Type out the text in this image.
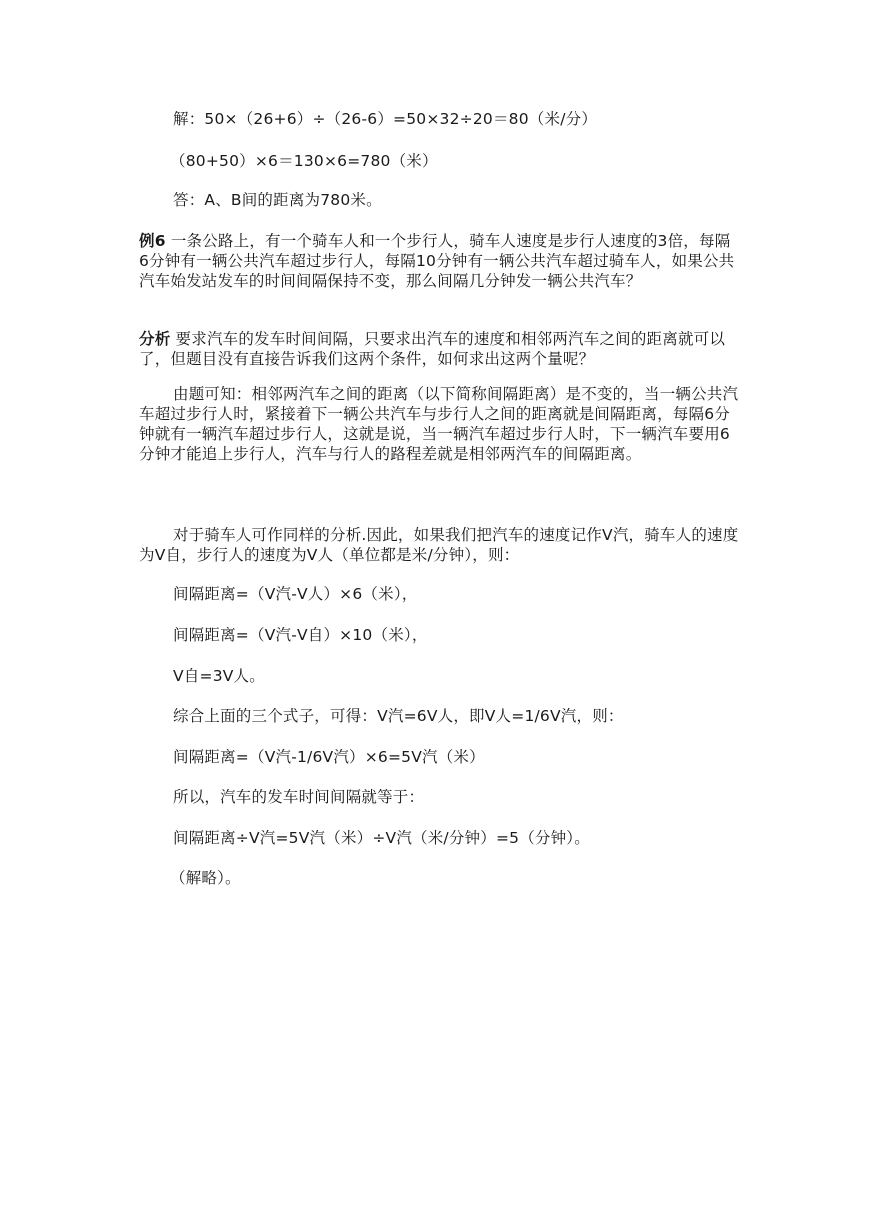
解：50×（26+6）÷（26-6）=50×32÷20＝80（米/分）
（80+50）×6＝130×6=780（米）
答：A、B间的距离为780米。
例6 一条公路上，有一个骑车人和一个步行人，骑车人速度是步行人速度的3倍，每隔6分钟有一辆公共汽车超过步行人，每隔10分钟有一辆公共汽车超过骑车人，如果公共汽车始发站发车的时间间隔保持不变，那么间隔几分钟发一辆公共汽车？
分析 要求汽车的发车时间间隔，只要求出汽车的速度和相邻两汽车之间的距离就可以了，但题目没有直接告诉我们这两个条件，如何求出这两个量呢？
由题可知：相邻两汽车之间的距离（以下简称间隔距离）是不变的，当一辆公共汽车超过步行人时，紧接着下一辆公共汽车与步行人之间的距离就是间隔距离，每隔6分钟就有一辆汽车超过步行人，这就是说，当一辆汽车超过步行人时，下一辆汽车要用6分钟才能追上步行人，汽车与行人的路程差就是相邻两汽车的间隔距离。
对于骑车人可作同样的分析.因此，如果我们把汽车的速度记作V汽，骑车人的速度为V自，步行人的速度为V人（单位都是米/分钟），则：
间隔距离=（V汽-V人）×6（米），
间隔距离=（V汽-V自）×10（米），
V自=3V人。
综合上面的三个式子，可得：V汽=6V人，即V人=1/6V汽，则：
间隔距离=（V汽-1/6V汽）×6=5V汽（米）
所以，汽车的发车时间间隔就等于：
间隔距离÷V汽=5V汽（米）÷V汽（米/分钟）=5（分钟）。
（解略）。
